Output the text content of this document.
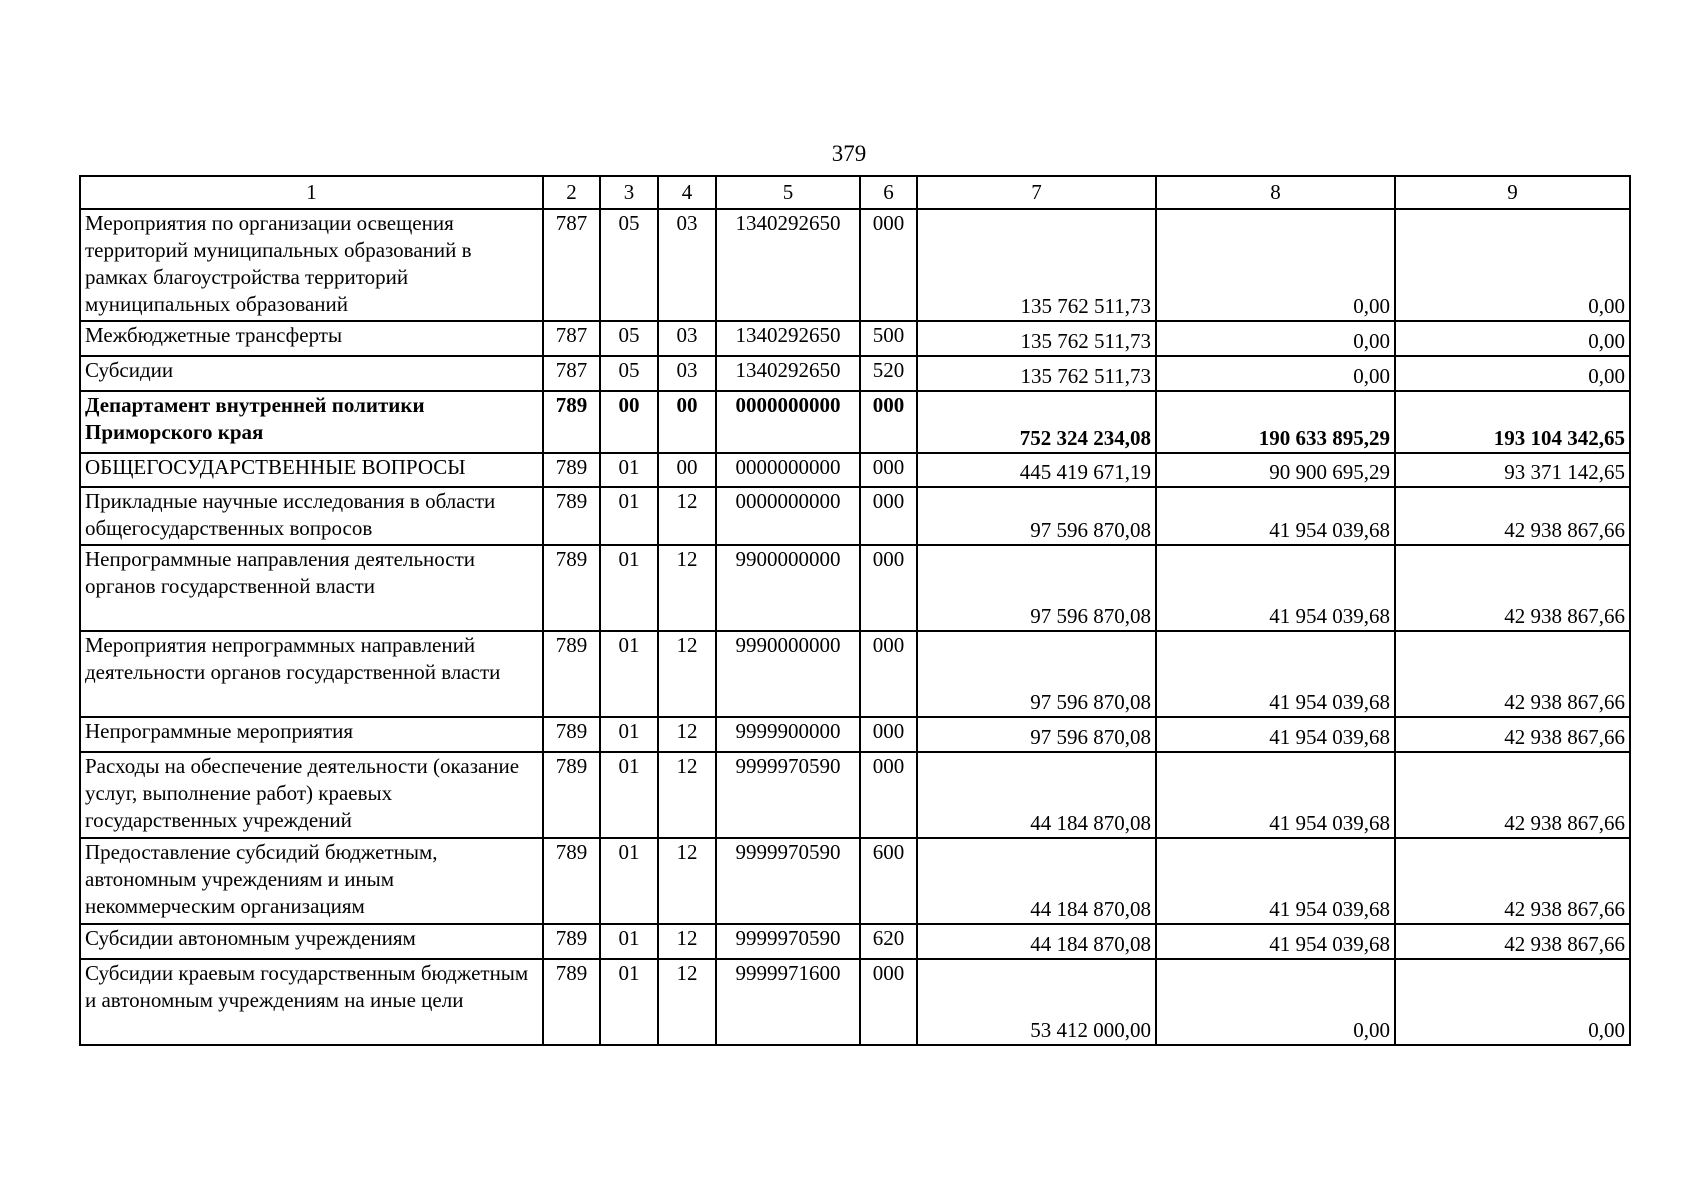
379
1	2	3	4	5	6	7	8	9
Мероприятия по организации освещения территорий муниципальных образований в рамках благоустройства территорий муниципальных образований	787	05	03	1340292650	000	135 762 511,73	0,00	0,00
Межбюджетные трансферты	787	05	03	1340292650	500	135 762 511,73	0,00	0,00
Субсидии	787	05	03	1340292650	520	135 762 511,73	0,00	0,00
Департамент внутренней политики Приморского края	789	00	00	0000000000	000	752 324 234,08	190 633 895,29	193 104 342,65
ОБЩЕГОСУДАРСТВЕННЫЕ ВОПРОСЫ	789	01	00	0000000000	000	445 419 671,19	90 900 695,29	93 371 142,65
Прикладные научные исследования в области общегосударственных вопросов	789	01	12	0000000000	000	97 596 870,08	41 954 039,68	42 938 867,66
Непрограммные направления деятельности органов государственной власти	789	01	12	9900000000	000	97 596 870,08	41 954 039,68	42 938 867,66
Мероприятия непрограммных направлений деятельности органов государственной власти	789	01	12	9990000000	000	97 596 870,08	41 954 039,68	42 938 867,66
Непрограммные мероприятия	789	01	12	9999900000	000	97 596 870,08	41 954 039,68	42 938 867,66
Расходы на обеспечение деятельности (оказание услуг, выполнение работ) краевых государственных учреждений	789	01	12	9999970590	000	44 184 870,08	41 954 039,68	42 938 867,66
Предоставление субсидий бюджетным, автономным учреждениям и иным некоммерческим организациям	789	01	12	9999970590	600	44 184 870,08	41 954 039,68	42 938 867,66
Субсидии автономным учреждениям	789	01	12	9999970590	620	44 184 870,08	41 954 039,68	42 938 867,66
Субсидии краевым государственным бюджетным и автономным учреждениям на иные цели	789	01	12	9999971600	000	53 412 000,00	0,00	0,00
